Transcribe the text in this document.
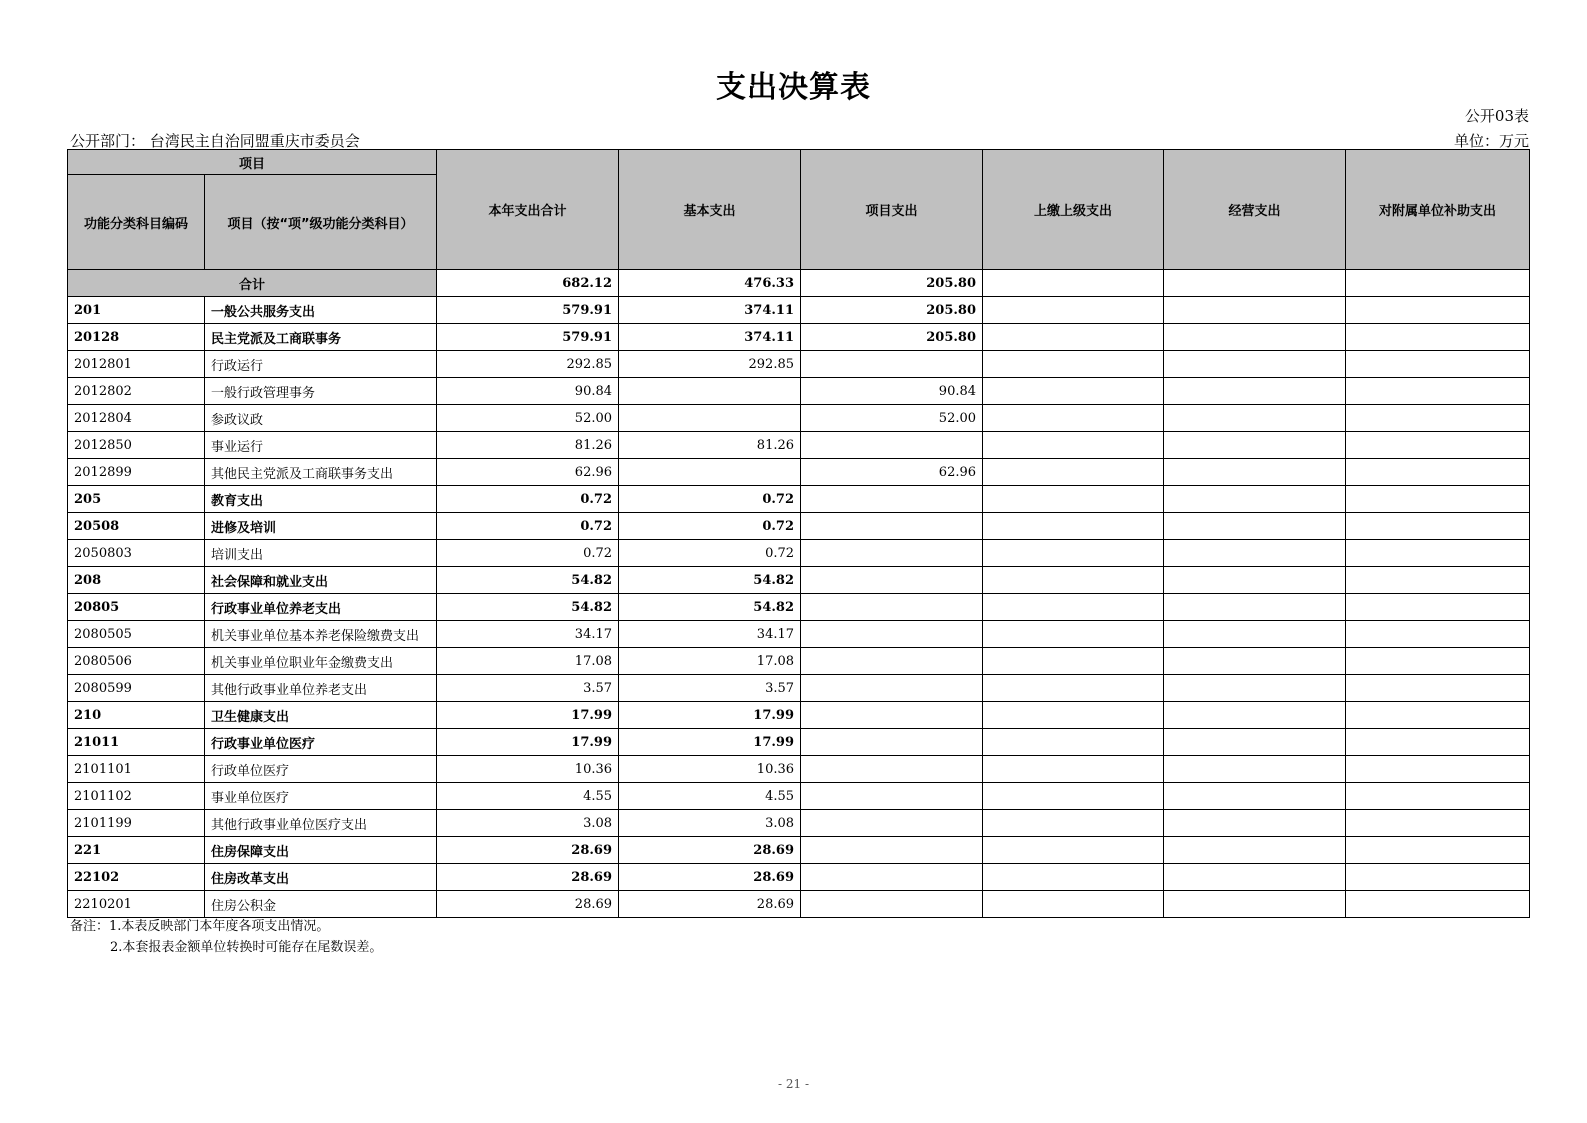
支出决算表
公开03表
公开部门： 台湾民主自治同盟重庆市委员会	单位：万元
项目		本年支出合计	基本支出	项目支出	上缴上级支出	经营支出	对附属单位补助支出
功能分类科目编码	项目（按“项”级功能分类科目）						
合计		682.12	476.33	205.80			
201	一般公共服务支出	579.91	374.11	205.80			
20128	民主党派及工商联事务	579.91	374.11	205.80			
2012801	行政运行	292.85	292.85				
2012802	一般行政管理事务	90.84		90.84			
2012804	参政议政	52.00		52.00			
2012850	事业运行	81.26	81.26				
2012899	其他民主党派及工商联事务支出	62.96		62.96			
205	教育支出	0.72	0.72				
20508	进修及培训	0.72	0.72				
2050803	培训支出	0.72	0.72				
208	社会保障和就业支出	54.82	54.82				
20805	行政事业单位养老支出	54.82	54.82				
2080505	机关事业单位基本养老保险缴费支出	34.17	34.17				
2080506	机关事业单位职业年金缴费支出	17.08	17.08				
2080599	其他行政事业单位养老支出	3.57	3.57				
210	卫生健康支出	17.99	17.99				
21011	行政事业单位医疗	17.99	17.99				
2101101	行政单位医疗	10.36	10.36				
2101102	事业单位医疗	4.55	4.55				
2101199	其他行政事业单位医疗支出	3.08	3.08				
221	住房保障支出	28.69	28.69				
22102	住房改革支出	28.69	28.69				
2210201	住房公积金	28.69	28.69				
备注：1.本表反映部门本年度各项支出情况。
2.本套报表金额单位转换时可能存在尾数误差。
- 21 -
